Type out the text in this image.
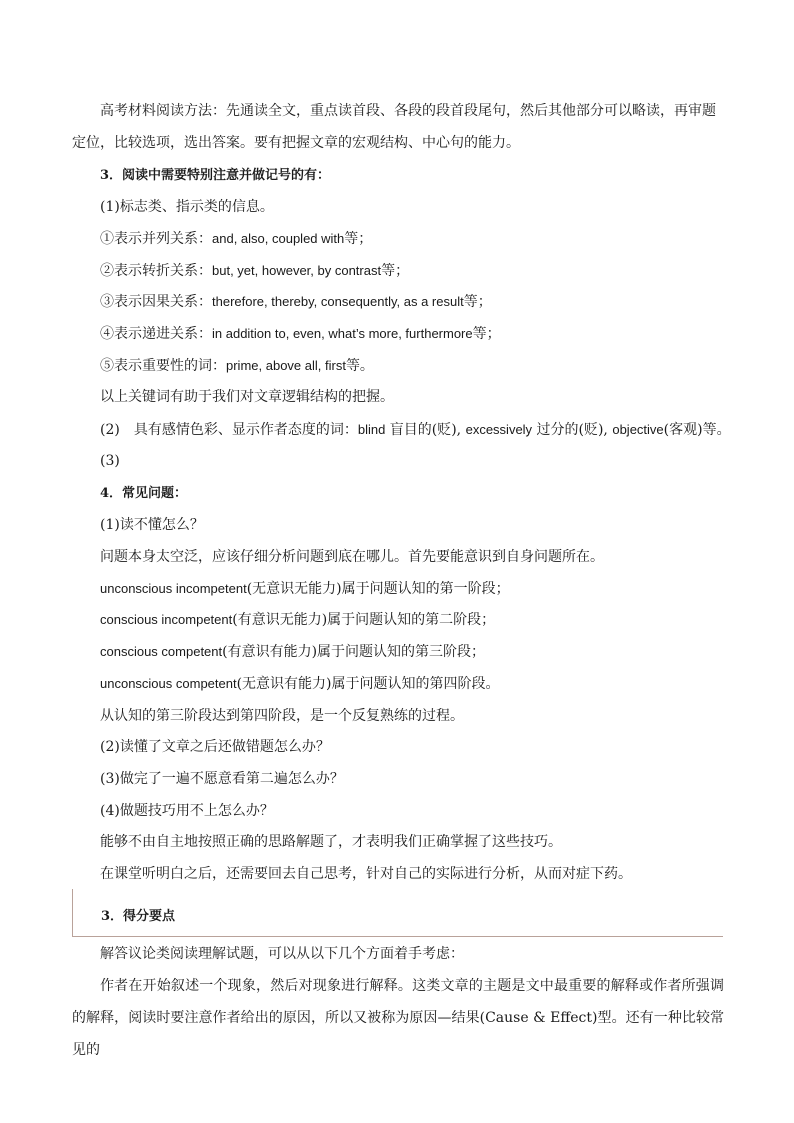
高考材料阅读方法：先通读全文，重点读首段、各段的段首段尾句，然后其他部分可以略读，再审题
定位，比较选项，选出答案。要有把握文章的宏观结构、中心句的能力。
3．阅读中需要特别注意并做记号的有：
(1)标志类、指示类的信息。
①表示并列关系：and, also, coupled with等；
②表示转折关系：but, yet, however, by contrast等；
③表示因果关系：therefore, thereby, consequently, as a result等；
④表示递进关系：in addition to, even, what’s more, furthermore等；
⑤表示重要性的词：prime, above all, first等。
以上关键词有助于我们对文章逻辑结构的把握。
(2)　具有感情色彩、显示作者态度的词：blind 盲目的(贬), excessively 过分的(贬), objective(客观)等。
(3)
4．常见问题：
(1)读不懂怎么？
问题本身太空泛，应该仔细分析问题到底在哪儿。首先要能意识到自身问题所在。
unconscious incompetent(无意识无能力)属于问题认知的第一阶段；
conscious incompetent(有意识无能力)属于问题认知的第二阶段；
conscious competent(有意识有能力)属于问题认知的第三阶段；
unconscious competent(无意识有能力)属于问题认知的第四阶段。
从认知的第三阶段达到第四阶段，是一个反复熟练的过程。
(2)读懂了文章之后还做错题怎么办？
(3)做完了一遍不愿意看第二遍怎么办？
(4)做题技巧用不上怎么办？
能够不由自主地按照正确的思路解题了，才表明我们正确掌握了这些技巧。
在课堂听明白之后，还需要回去自己思考，针对自己的实际进行分析，从而对症下药。
3．得分要点
解答议论类阅读理解试题，可以从以下几个方面着手考虑：
作者在开始叙述一个现象，然后对现象进行解释。这类文章的主题是文中最重要的解释或作者所强调的解释，阅读时要注意作者给出的原因，所以又被称为原因—结果(Cause & Effect)型。还有一种比较常见的
